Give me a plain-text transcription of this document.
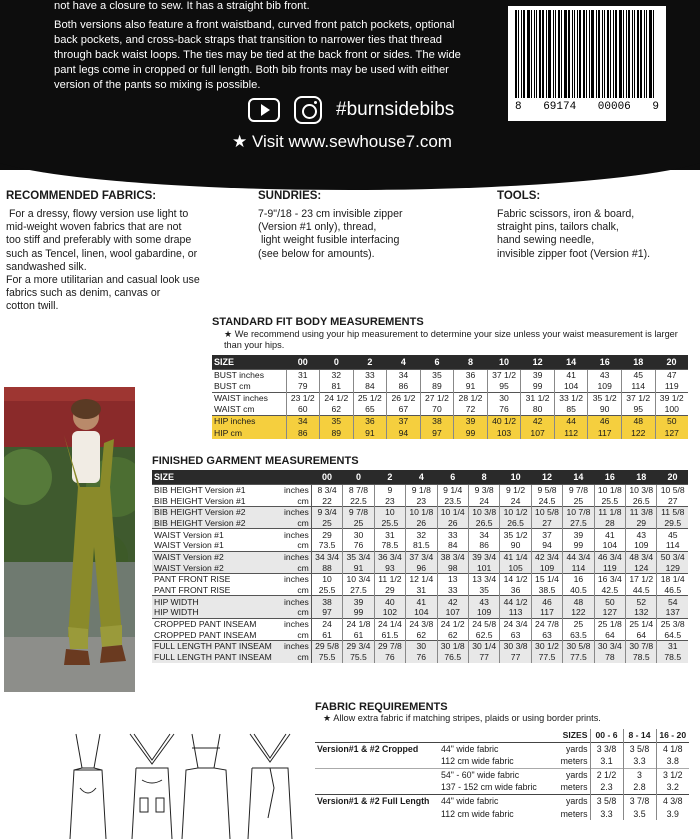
not have a closure to sew. It has a straight bib front.

Both versions also feature a front waistband, curved front patch pockets, optional

back pockets, and cross-back straps that transition to narrower ties that thread

through back waist loops. The ties may be tied at the back front or sides. The wide

pant legs come in cropped or full length. Both bib fronts may be used with either

version of the pants so mixing is possible.

#burnsidebibs
★ Visit www.sewhouse7.com
8 69174 00006 9
RECOMMENDED FABRICS:
For a dressy, flowy version use light to
mid-weight woven fabrics that are not
too stiff and preferably with some drape
such as Tencel, linen, wool gabardine, or
sandwashed silk.
For a more utilitarian and casual look use
fabrics such as denim, canvas or
cotton twill.
SUNDRIES:
7-9"/18 - 23 cm invisible zipper
(Version #1 only), thread,
light weight fusible interfacing
(see below for amounts).
TOOLS:
Fabric scissors, iron & board,
straight pins, tailors chalk,
hand sewing needle,
invisible zipper foot (Version #1).
STANDARD FIT BODY MEASUREMENTS
★ We recommend using your hip measurement to determine your size unless your waist measurement is larger than your hips.
SIZE	00	0	2	4	6	8	10	12	14	16	18	20
BUST inches	31	32	33	34	35	36	37 1/2	39	41	43	45	47
BUST cm	79	81	84	86	89	91	95	99	104	109	114	119
WAIST inches	23 1/2	24 1/2	25 1/2	26 1/2	27 1/2	28 1/2	30	31 1/2	33 1/2	35 1/2	37 1/2	39 1/2
WAIST cm	60	62	65	67	70	72	76	80	85	90	95	100
HIP inches	34	35	36	37	38	39	40 1/2	42	44	46	48	50
HIP cm	86	89	91	94	97	99	103	107	112	117	122	127
FINISHED GARMENT MEASUREMENTS
SIZE		00	0	2	4	6	8	10	12	14	16	18	20
BIB HEIGHT Version #1	inches	8 3/4	8 7/8	9	9 1/8	9 1/4	9 3/8	9 1/2	9 5/8	9 7/8	10 1/8	10 3/8	10 5/8
BIB HEIGHT Version #1	cm	22	22.5	23	23	23.5	24	24	24.5	25	25.5	26.5	27
BIB HEIGHT Version #2	inches	9 3/4	9 7/8	10	10 1/8	10 1/4	10 3/8	10 1/2	10 5/8	10 7/8	11 1/8	11 3/8	11 5/8
BIB HEIGHT Version #2	cm	25	25	25.5	26	26	26.5	26.5	27	27.5	28	29	29.5
WAIST Version #1	inches	29	30	31	32	33	34	35 1/2	37	39	41	43	45
WAIST Version #1	cm	73.5	76	78.5	81.5	84	86	90	94	99	104	109	114
WAIST Version #2	inches	34 3/4	35 3/4	36 3/4	37 3/4	38 3/4	39 3/4	41 1/4	42 3/4	44 3/4	46 3/4	48 3/4	50 3/4
WAIST Version #2	cm	88	91	93	96	98	101	105	109	114	119	124	129
PANT FRONT RISE	inches	10	10 3/4	11 1/2	12 1/4	13	13 3/4	14 1/2	15 1/4	16	16 3/4	17 1/2	18 1/4
PANT FRONT RISE	cm	25.5	27.5	29	31	33	35	36	38.5	40.5	42.5	44.5	46.5
HIP WIDTH	inches	38	39	40	41	42	43	44 1/2	46	48	50	52	54
HIP WIDTH	cm	97	99	102	104	107	109	113	117	122	127	132	137
CROPPED PANT INSEAM	inches	24	24 1/8	24 1/4	24 3/8	24 1/2	24 5/8	24 3/4	24 7/8	25	25 1/8	25 1/4	25 3/8
CROPPED PANT INSEAM	cm	61	61	61.5	62	62	62.5	63	63	63.5	64	64	64.5
FULL LENGTH PANT INSEAM	inches	29 5/8	29 3/4	29 7/8	30	30 1/8	30 1/4	30 3/8	30 1/2	30 5/8	30 3/4	30 7/8	31
FULL LENGTH PANT INSEAM	cm	75.5	75.5	76	76	76.5	77	77	77.5	77.5	78	78.5	78.5
FABRIC REQUIREMENTS
★ Allow extra fabric if matching stripes, plaids or using border prints.
		SIZES	00 - 6	8 - 14	16 - 20
Version#1 & #2 Cropped	44" wide fabric	yards	3 3/8	3 5/8	4 1/8
	112 cm wide fabric	meters	3.1	3.3	3.8
	54" - 60" wide fabric	yards	2 1/2	3	3 1/2
	137 - 152 cm wide fabric	meters	2.3	2.8	3.2
Version#1 & #2 Full Length	44" wide fabric	yards	3 5/8	3 7/8	4 3/8
	112 cm wide fabric	meters	3.3	3.5	3.9
